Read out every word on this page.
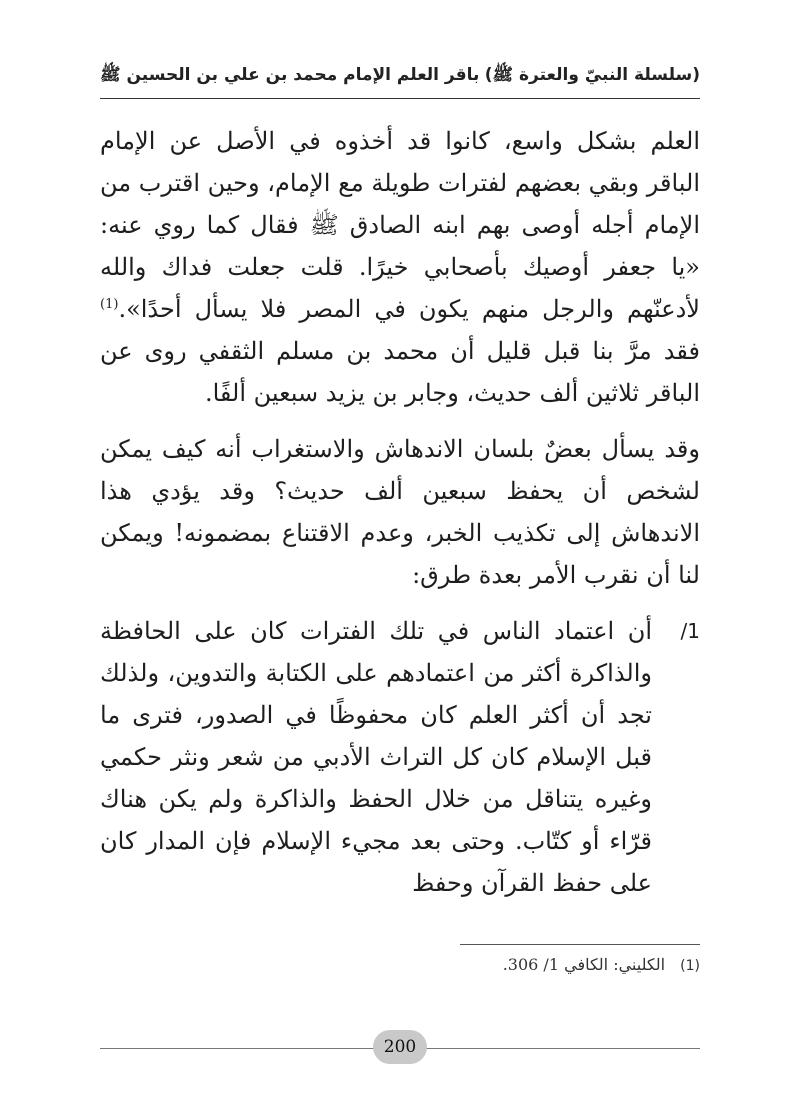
(سلسلة النبيّ والعترة ﷺ)
باقر العلم الإمام محمد بن علي بن الحسين ﷺ

العلم بشكل واسع، كانوا قد أخذوه في الأصل عن الإمام الباقر وبقي بعضهم لفترات طويلة مع الإمام، وحين اقترب من الإمام أجله أوصى بهم ابنه الصادق ﷺ فقال كما روي عنه: «يا جعفر أوصيك بأصحابي خيرًا. قلت جعلت فداك والله لأدعنّهم والرجل منهم يكون في المصر فلا يسأل أحدًا».$^{(1)}$ فقد مرَّ بنا قبل قليل أن محمد بن مسلم الثقفي روى عن الباقر ثلاثين ألف حديث، وجابر بن يزيد سبعين ألفًا.

وقد يسأل بعضٌ بلسان الاندهاش والاستغراب أنه كيف يمكن لشخص أن يحفظ سبعين ألف حديث؟ وقد يؤدي هذا الاندهاش إلى تكذيب الخبر، وعدم الاقتناع بمضمونه! ويمكن لنا أن نقرب الأمر بعدة طرق:

1/
أن اعتماد الناس في تلك الفترات كان على الحافظة والذاكرة أكثر من اعتمادهم على الكتابة والتدوين، ولذلك تجد أن أكثر العلم كان محفوظًا في الصدور، فترى ما قبل الإسلام كان كل التراث الأدبي من شعر ونثر حكمي وغيره يتناقل من خلال الحفظ والذاكرة ولم يكن هناك قرّاء أو كتّاب. وحتى بعد مجيء الإسلام فإن المدار كان على حفظ القرآن وحفظ
(1) الكليني: الكافي 1/ 306.
200
